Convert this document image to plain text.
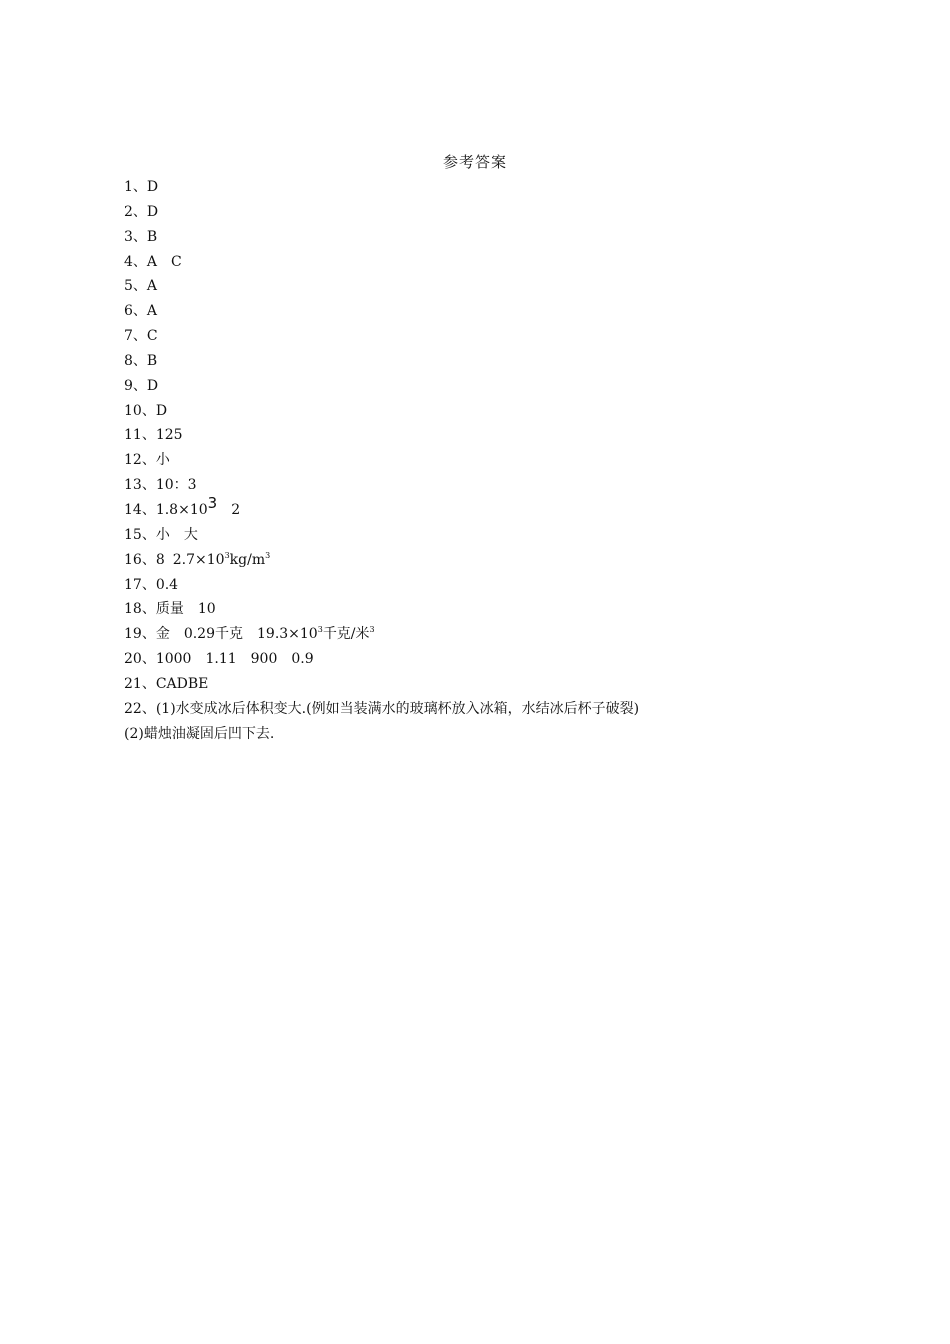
参考答案
1、D
2、D
3、B
4、A C
5、A
6、A
7、C
8、B
9、D
10、D
11、125
12、小
13、10：3
14、$1.8\times 10^3$ 2
15、小 大
16、8 $2.7\times 10^3kg/m^3$
17、0.4
18、质量 10
19、金 0.29千克 $19.3\times 10^3$千克/米$^3$
20、1000 1.11 900 0.9
21、CADBE
22、(1)水变成冰后体积变大.(例如当装满水的玻璃杯放入冰箱，水结冰后杯子破裂)
(2)蜡烛油凝固后凹下去.
